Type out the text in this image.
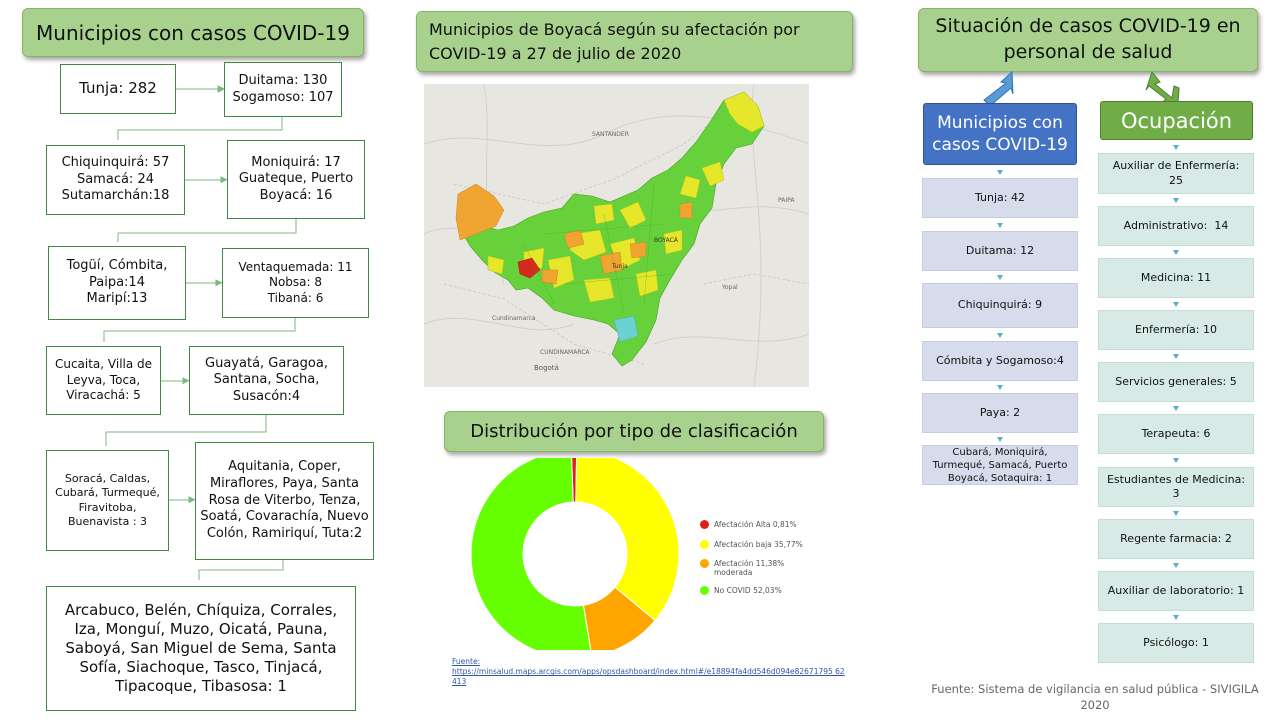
Municipios con casos COVID-19
Tunja: 282	Duitama: 130
Sogamoso: 107
Chiquinquirá: 57
Samacá: 24
Sutamarchán:18
Moniquirá: 17
Guateque, Puerto Boyacá: 16
Togüí, Cómbita, Paipa:14
Maripí:13
Ventaquemada: 11
Nobsa: 8
Tibaná: 6
Cucaita, Villa de Leyva, Toca, Viracachá: 5
Guayatá, Garagoa, Santana, Socha, Susacón:4
Soracá, Caldas, Cubará, Turmequé, Firavitoba, Buenavista : 3
Aquitania, Coper, Miraflores, Paya, Santa Rosa de Viterbo, Tenza, Soatá, Covarachía, Nuevo Colón, Ramiriquí, Tuta:2
Arcabuco, Belén, Chíquiza, Corrales, Iza, Monguí, Muzo, Oicatá, Pauna, Saboyá, San Miguel de Sema, Santa Sofía, Siachoque, Tasco, Tinjacá, Tipacoque, Tibasosa: 1
Municipios de Boyacá según su afectación por COVID-19 a 27 de julio de 2020
SANTANDER
BOYACÁ
Tunja
Yopal
Cundinamarca
CUNDINAMARCA
Bogotá
PAIPA
Distribución por tipo de clasificación
Afectación Alta 0,81%
Afectación baja 35,77%
Afectación 11,38% moderada
No COVID 52,03%
Fuente:
https://minsalud.maps.arcgis.com/apps/opsdashboard/index.html#/e18894fa4dd546d094e82671795 62413
Situación de casos COVID-19 en personal de salud
Municipios con casos COVID-19
Ocupación
Tunja: 42
Duitama: 12
Chiquinquirá: 9
Cómbita y Sogamoso:4
Paya: 2
Cubará, Moniquirá, Turmequé, Samacá, Puerto Boyacá, Sotaquira: 1
Auxiliar de Enfermería: 25
Administrativo:  14
Medicina: 11
Enfermería: 10
Servicios generales: 5
Terapeuta: 6
Estudiantes de Medicina: 3
Regente farmacia: 2
Auxiliar de laboratorio: 1
Psicólogo: 1
Fuente: Sistema de vigilancia en salud pública - SIVIGILA 2020
